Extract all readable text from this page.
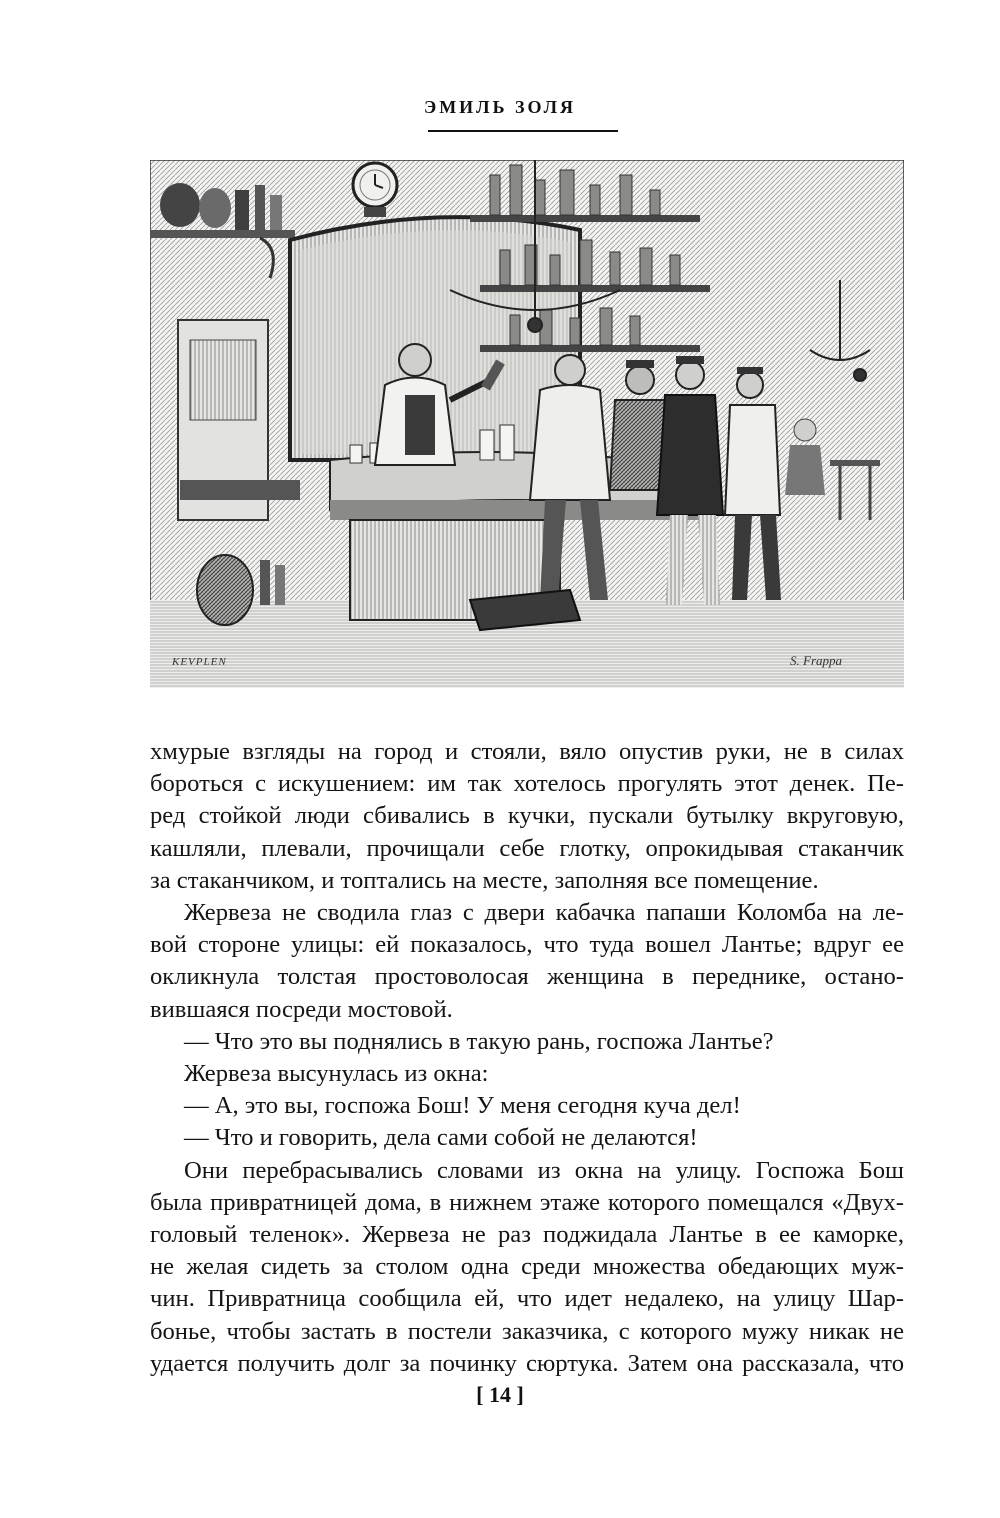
ЭМИЛЬ ЗОЛЯ
KEVPLEN	S. Frappa
хмурые взгляды на город и стояли, вяло опустив руки, не в силах
бороться с искушением: им так хотелось прогулять этот денек. Пе-
ред стойкой люди сбивались в кучки, пускали бутылку вкруговую,
кашляли, плевали, прочищали себе глотку, опрокидывая стаканчик
за стаканчиком, и топтались на месте, заполняя все помещение.
Жервеза не сводила глаз с двери кабачка папаши Коломба на ле-
вой стороне улицы: ей показалось, что туда вошел Лантье; вдруг ее
окликнула толстая простоволосая женщина в переднике, остано-
вившаяся посреди мостовой.
— Что это вы поднялись в такую рань, госпожа Лантье?
Жервеза высунулась из окна:
— А, это вы, госпожа Бош! У меня сегодня куча дел!
— Что и говорить, дела сами собой не делаются!
Они перебрасывались словами из окна на улицу. Госпожа Бош
была привратницей дома, в нижнем этаже которого помещался «Двух-
головый теленок». Жервеза не раз поджидала Лантье в ее каморке,
не желая сидеть за столом одна среди множества обедающих муж-
чин. Привратница сообщила ей, что идет недалеко, на улицу Шар-
бонье, чтобы застать в постели заказчика, с которого мужу никак не
удается получить долг за починку сюртука. Затем она рассказала, что
[ 14 ]
